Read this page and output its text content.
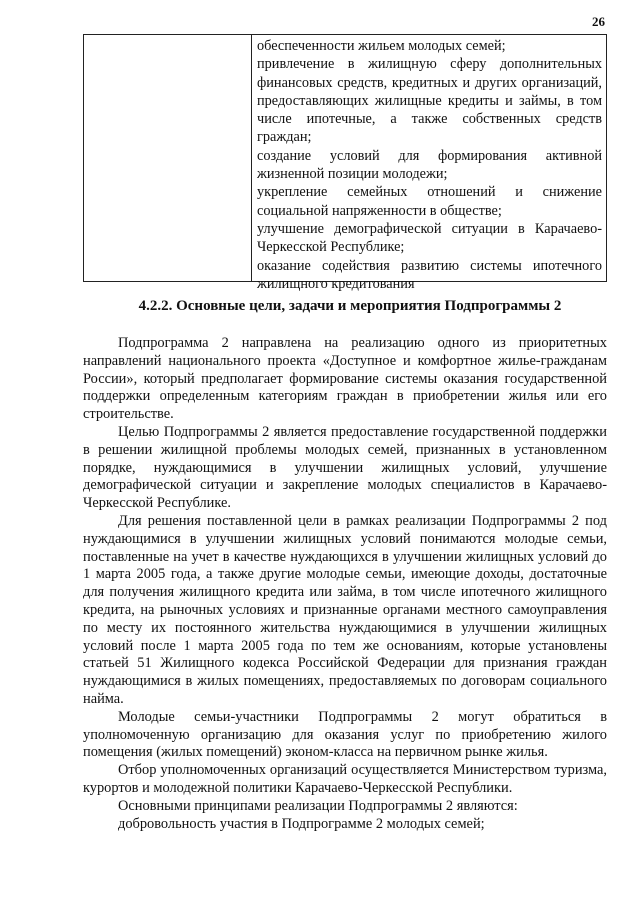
26

обеспеченности жильем молодых семей;

привлечение в жилищную сферу дополнительных финансовых средств, кредитных и других организаций, предоставляющих жилищные кредиты и займы, в том числе ипотечные, а также собственных средств граждан;

создание условий для формирования активной жизненной позиции молодежи;

укрепление семейных отношений и снижение социальной напряженности в обществе;

улучшение демографической ситуации в Карачаево-Черкесской Республике;

оказание содействия развитию системы ипотечного жилищного кредитования

4.2.2. Основные цели, задачи и мероприятия Подпрограммы 2

Подпрограмма 2 направлена на реализацию одного из приоритетных направлений национального проекта «Доступное и комфортное жилье-гражданам России», который предполагает формирование системы оказания государственной поддержки определенным категориям граждан в приобретении жилья или его строительстве.

Целью Подпрограммы 2 является предоставление государственной поддержки в решении жилищной проблемы молодых семей, признанных в установленном порядке, нуждающимися в улучшении жилищных условий, улучшение демографической ситуации и закрепление молодых специалистов в Карачаево-Черкесской Республике.

Для решения поставленной цели в рамках реализации Подпрограммы 2 под нуждающимися в улучшении жилищных условий понимаются молодые семьи, поставленные на учет в качестве нуждающихся в улучшении жилищных условий до 1 марта 2005 года, а также другие молодые семьи, имеющие доходы, достаточные для получения жилищного кредита или займа, в том числе ипотечного жилищного кредита, на рыночных условиях и признанные органами местного самоуправления по месту их постоянного жительства нуждающимися в улучшении жилищных условий после 1 марта 2005 года по тем же основаниям, которые установлены статьей 51 Жилищного кодекса Российской Федерации для признания граждан нуждающимися в жилых помещениях, предоставляемых по договорам социального найма.

Молодые семьи-участники Подпрограммы 2 могут обратиться в уполномоченную организацию для оказания услуг по приобретению жилого помещения (жилых помещений) эконом-класса на первичном рынке жилья.

Отбор уполномоченных организаций осуществляется Министерством туризма, курортов и молодежной политики Карачаево-Черкесской Республики.

Основными принципами реализации Подпрограммы 2 являются:

добровольность участия в Подпрограмме 2 молодых семей;
